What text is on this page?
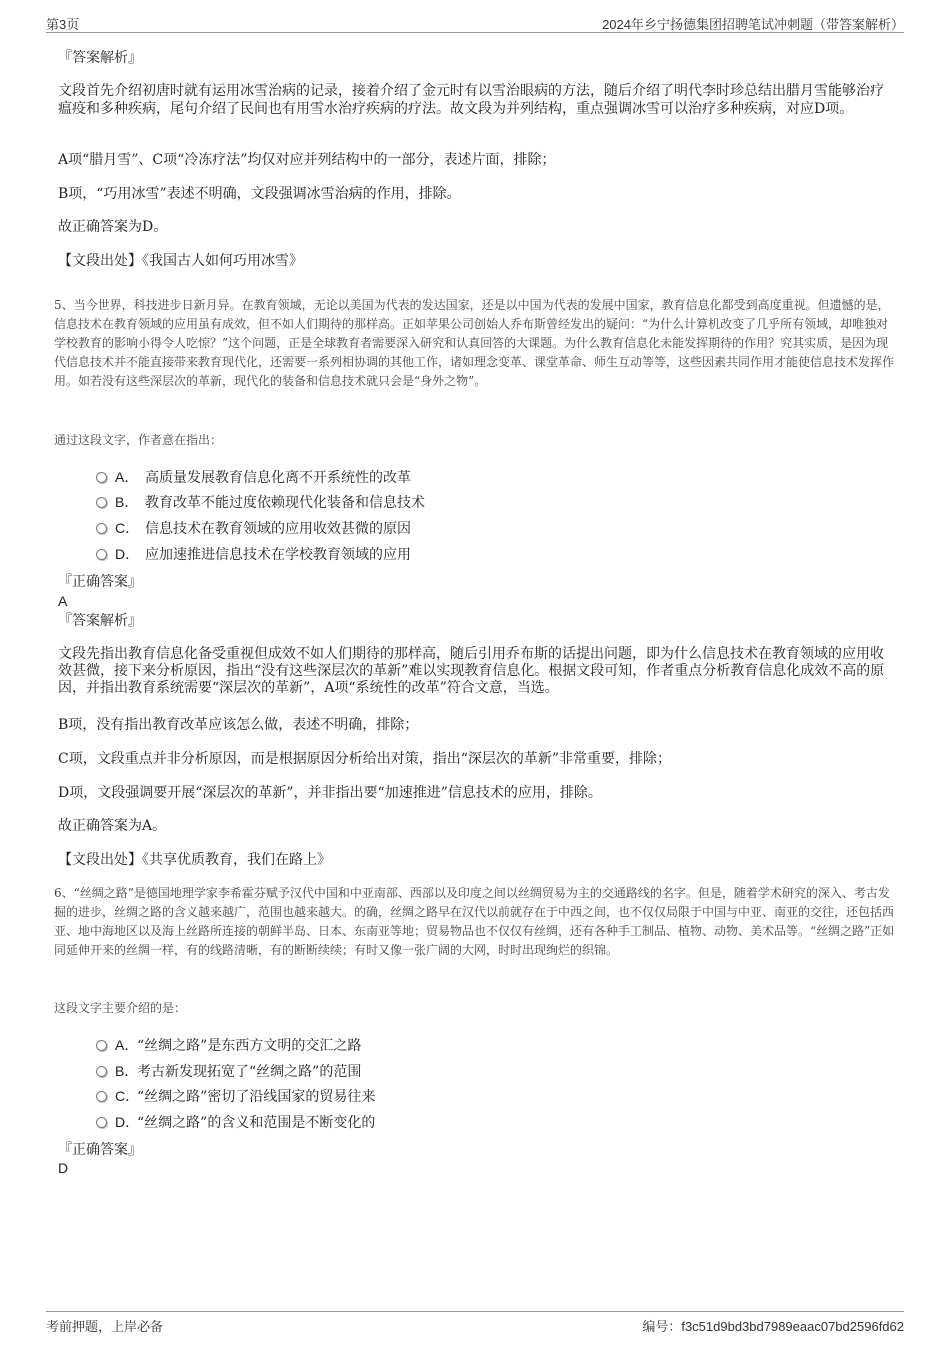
第3页	2024年乡宁扬德集团招聘笔试冲刺题（带答案解析）
『答案解析』
文段首先介绍初唐时就有运用冰雪治病的记录，接着介绍了金元时有以雪治眼病的方法，随后介绍了明代李时珍总结出腊月雪能够治疗瘟疫和多种疾病，尾句介绍了民间也有用雪水治疗疾病的疗法。故文段为并列结构，重点强调冰雪可以治疗多种疾病，对应D项。
A项“腊月雪”、C项“冷冻疗法”均仅对应并列结构中的一部分，表述片面，排除；
B项，“巧用冰雪”表述不明确，文段强调冰雪治病的作用，排除。
故正确答案为D。
【文段出处】《我国古人如何巧用冰雪》
5、当今世界，科技进步日新月异。在教育领域，无论以美国为代表的发达国家，还是以中国为代表的发展中国家，教育信息化都受到高度重视。但遗憾的是，信息技术在教育领域的应用虽有成效，但不如人们期待的那样高。正如苹果公司创始人乔布斯曾经发出的疑问：“为什么计算机改变了几乎所有领域，却唯独对学校教育的影响小得令人吃惊？”这个问题，正是全球教育者需要深入研究和认真回答的大课题。为什么教育信息化未能发挥期待的作用？究其实质，是因为现代信息技术并不能直接带来教育现代化，还需要一系列相协调的其他工作，诸如理念变革、课堂革命、师生互动等等，这些因素共同作用才能使信息技术发挥作用。如若没有这些深层次的革新，现代化的装备和信息技术就只会是“身外之物”。
通过这段文字，作者意在指出：
A． 高质量发展教育信息化离不开系统性的改革
B． 教育改革不能过度依赖现代化装备和信息技术
C． 信息技术在教育领域的应用收效甚微的原因
D． 应加速推进信息技术在学校教育领域的应用
『正确答案』
A
『答案解析』
文段先指出教育信息化备受重视但成效不如人们期待的那样高，随后引用乔布斯的话提出问题，即为什么信息技术在教育领域的应用收效甚微，接下来分析原因，指出“没有这些深层次的革新”难以实现教育信息化。根据文段可知，作者重点分析教育信息化成效不高的原因，并指出教育系统需要“深层次的革新”，A项“系统性的改革”符合文意，当选。
B项，没有指出教育改革应该怎么做，表述不明确，排除；
C项，文段重点并非分析原因，而是根据原因分析给出对策，指出“深层次的革新”非常重要，排除；
D项，文段强调要开展“深层次的革新”，并非指出要“加速推进”信息技术的应用，排除。
故正确答案为A。
【文段出处】《共享优质教育，我们在路上》
6、“丝绸之路”是德国地理学家李希霍芬赋予汉代中国和中亚南部、西部以及印度之间以丝绸贸易为主的交通路线的名字。但是，随着学术研究的深入、考古发掘的进步，丝绸之路的含义越来越广，范围也越来越大。的确，丝绸之路早在汉代以前就存在于中西之间，也不仅仅局限于中国与中亚、南亚的交往，还包括西亚、地中海地区以及海上丝路所连接的朝鲜半岛、日本、东南亚等地；贸易物品也不仅仅有丝绸，还有各种手工制品、植物、动物、美术品等。“丝绸之路”正如同延伸开来的丝绸一样，有的线路清晰，有的断断续续；有时又像一张广阔的大网，时时出现绚烂的织锦。
这段文字主要介绍的是：
A．“丝绸之路”是东西方文明的交汇之路
B．考古新发现拓宽了“丝绸之路”的范围
C．“丝绸之路”密切了沿线国家的贸易往来
D．“丝绸之路”的含义和范围是不断变化的
『正确答案』
D
考前押题，上岸必备	编号：f3c51d9bd3bd7989eaac07bd2596fd62
